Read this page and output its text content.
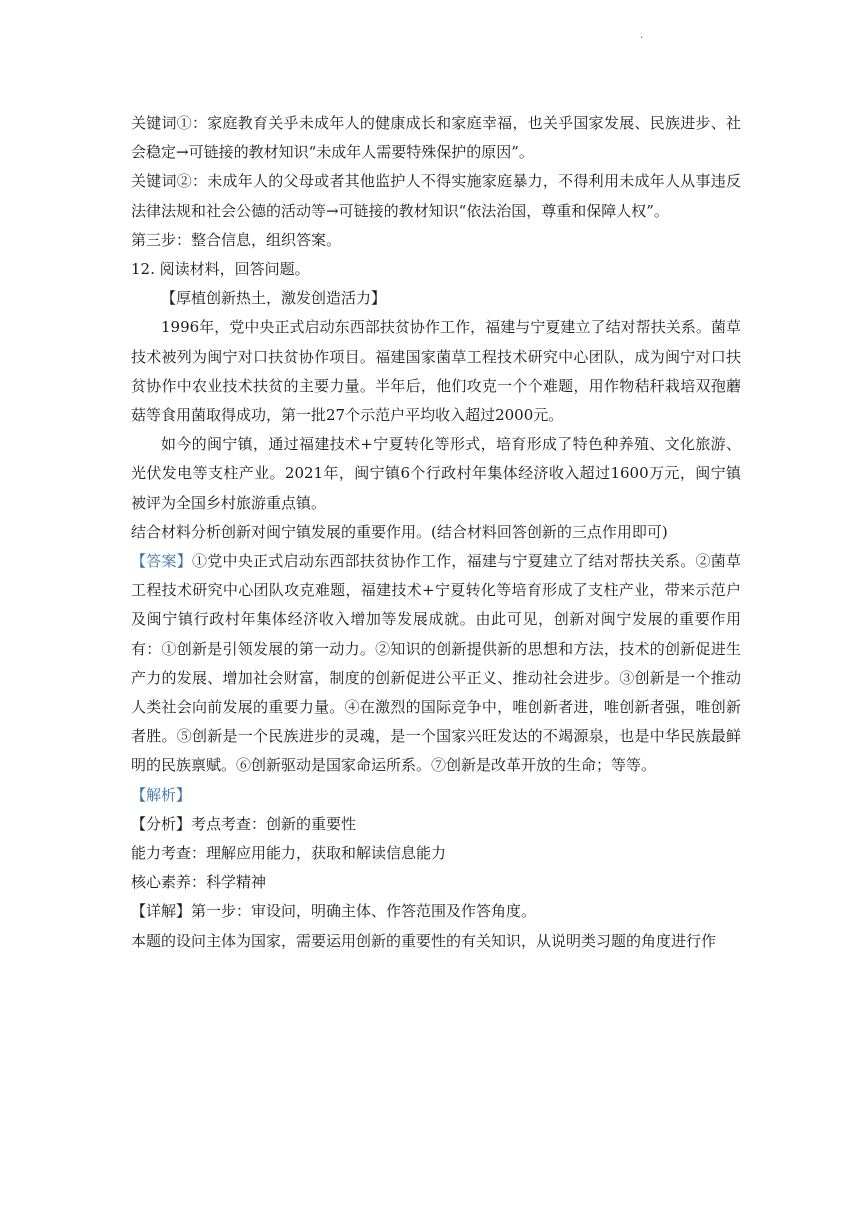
.

关键词①：家庭教育关乎未成年人的健康成长和家庭幸福，也关乎国家发展、民族进步、社会稳定→可链接的教材知识“未成年人需要特殊保护的原因”。

关键词②：未成年人的父母或者其他监护人不得实施家庭暴力，不得利用未成年人从事违反法律法规和社会公德的活动等→可链接的教材知识“依法治国，尊重和保障人权”。

第三步：整合信息，组织答案。

12. 阅读材料，回答问题。

【厚植创新热土，激发创造活力】

1996年，党中央正式启动东西部扶贫协作工作，福建与宁夏建立了结对帮扶关系。菌草技术被列为闽宁对口扶贫协作项目。福建国家菌草工程技术研究中心团队，成为闽宁对口扶贫协作中农业技术扶贫的主要力量。半年后，他们攻克一个个难题，用作物秸秆栽培双孢蘑菇等食用菌取得成功，第一批27个示范户平均收入超过2000元。

如今的闽宁镇，通过福建技术+宁夏转化等形式，培育形成了特色种养殖、文化旅游、光伏发电等支柱产业。2021年，闽宁镇6个行政村年集体经济收入超过1600万元，闽宁镇被评为全国乡村旅游重点镇。

结合材料分析创新对闽宁镇发展的重要作用。(结合材料回答创新的三点作用即可)

【答案】①党中央正式启动东西部扶贫协作工作，福建与宁夏建立了结对帮扶关系。②菌草工程技术研究中心团队攻克难题，福建技术+宁夏转化等培育形成了支柱产业，带来示范户及闽宁镇行政村年集体经济收入增加等发展成就。由此可见，创新对闽宁发展的重要作用有：①创新是引领发展的第一动力。②知识的创新提供新的思想和方法，技术的创新促进生产力的发展、增加社会财富，制度的创新促进公平正义、推动社会进步。③创新是一个推动人类社会向前发展的重要力量。④在激烈的国际竞争中，唯创新者进，唯创新者强，唯创新者胜。⑤创新是一个民族进步的灵魂，是一个国家兴旺发达的不竭源泉，也是中华民族最鲜明的民族禀赋。⑥创新驱动是国家命运所系。⑦创新是改革开放的生命；等等。

【解析】

【分析】考点考查：创新的重要性

能力考查：理解应用能力，获取和解读信息能力

核心素养：科学精神

【详解】第一步：审设问，明确主体、作答范围及作答角度。

本题的设问主体为国家，需要运用创新的重要性的有关知识，从说明类习题的角度进行作
